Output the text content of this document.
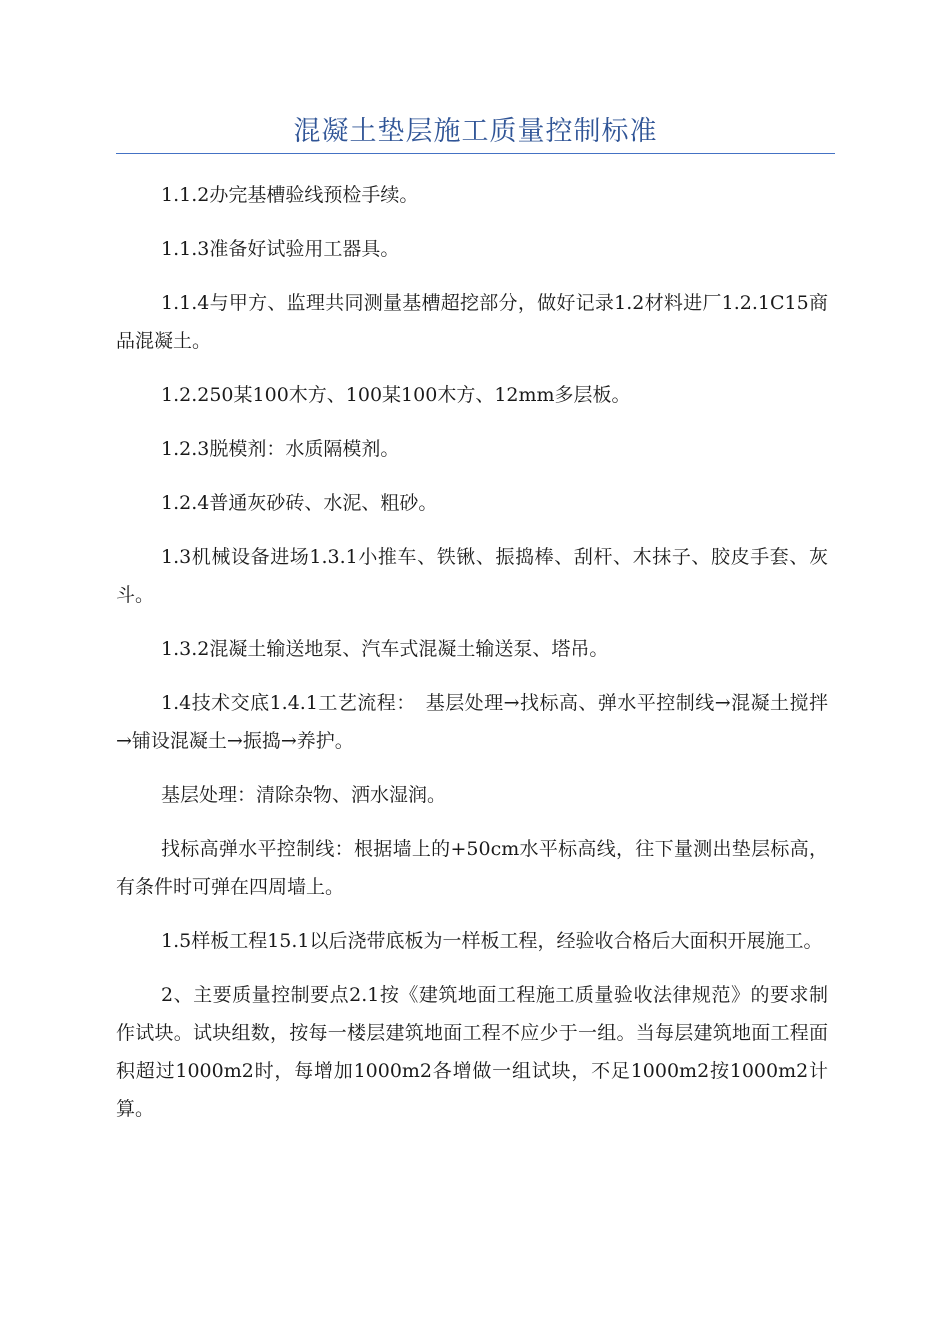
混凝土垫层施工质量控制标准

1.1.2办完基槽验线预检手续。

1.1.3准备好试验用工器具。

1.1.4与甲方、监理共同测量基槽超挖部分，做好记录1.2材料进厂1.2.1C15商品混凝土。

1.2.250某100木方、100某100木方、12mm多层板。

1.2.3脱模剂：水质隔模剂。

1.2.4普通灰砂砖、水泥、粗砂。

1.3机械设备进场1.3.1小推车、铁锹、振捣棒、刮杆、木抹子、胶皮手套、灰斗。

1.3.2混凝土输送地泵、汽车式混凝土输送泵、塔吊。

1.4技术交底1.4.1工艺流程：　基层处理→找标高、弹水平控制线→混凝土搅拌→铺设混凝土→振捣→养护。

基层处理：清除杂物、洒水湿润。

找标高弹水平控制线：根据墙上的+50cm水平标高线，往下量测出垫层标高，有条件时可弹在四周墙上。

1.5样板工程15.1以后浇带底板为一样板工程，经验收合格后大面积开展施工。

2、主要质量控制要点2.1按《建筑地面工程施工质量验收法律规范》的要求制作试块。试块组数，按每一楼层建筑地面工程不应少于一组。当每层建筑地面工程面积超过1000m2时，每增加1000m2各增做一组试块，不足1000m2按1000m2计算。
